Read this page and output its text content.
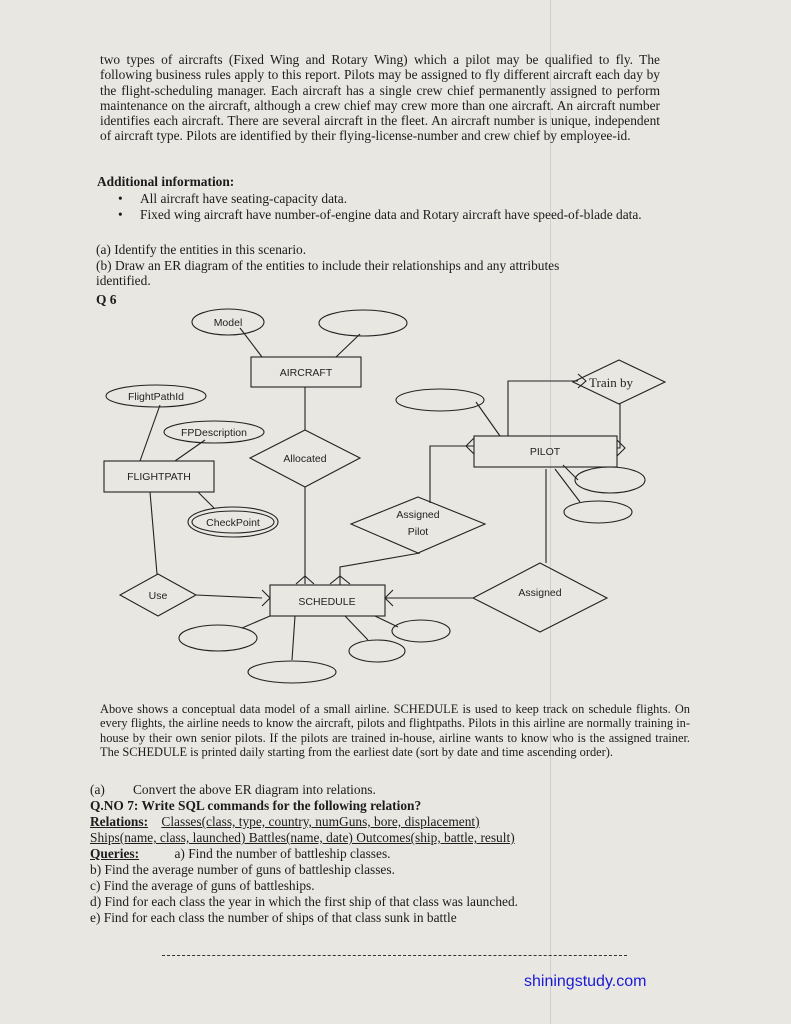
two types of aircrafts (Fixed Wing and Rotary Wing) which a pilot may be qualified to fly. The following business rules apply to this report. Pilots may be assigned to fly different aircraft each day by the flight-scheduling manager. Each aircraft has a single crew chief permanently assigned to perform maintenance on the aircraft, although a crew chief may crew more than one aircraft. An aircraft number identifies each aircraft. There are several aircraft in the fleet. An aircraft number is unique, independent of aircraft type. Pilots are identified by their flying-license-number and crew chief by employee-id.
Additional information:
• All aircraft have seating-capacity data.
• Fixed wing aircraft have number-of-engine data and Rotary aircraft have speed-of-blade data.
(a) Identify the entities in this scenario.
(b) Draw an ER diagram of the entities to include their relationships and any attributes identified.
Q 6
Model
AIRCRAFT
FlightPathId
FPDescription
FLIGHTPATH
Allocated
CheckPoint
PILOT
Assigned
Pilot
Use	SCHEDULE
Assigned
Train by
Above shows a conceptual data model of a small airline. SCHEDULE is used to keep track on schedule flights. On every flights, the airline needs to know the aircraft, pilots and flightpaths. Pilots in this airline are normally training in-house by their own senior pilots. If the pilots are trained in-house, airline wants to know who is the assigned trainer. The SCHEDULE is printed daily starting from the earliest date (sort by date and time ascending order).
(a) Convert the above ER diagram into relations.
Q.NO 7: Write SQL commands for the following relation?
Relations: Classes(class, type, country, numGuns, bore, displacement)
Ships(name, class, launched) Battles(name, date) Outcomes(ship, battle, result)
Queries:	a) Find the number of battleship classes.
b) Find the average number of guns of battleship classes.
c) Find the average of guns of battleships.
d) Find for each class the year in which the first ship of that class was launched.
e) Find for each class the number of ships of that class sunk in battle
shiningstudy.com
